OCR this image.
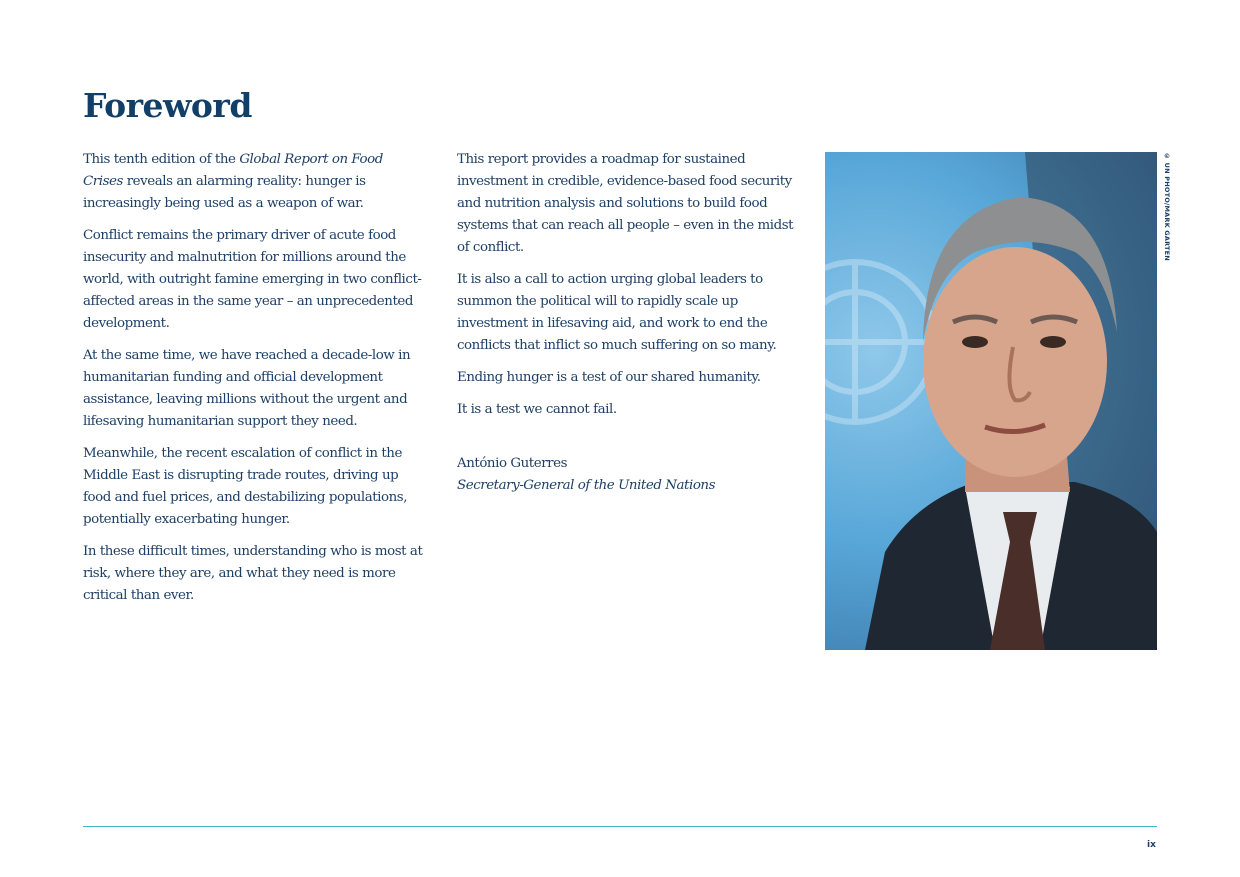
Foreword

This tenth edition of the Global Report on Food Crises reveals an alarming reality: hunger is increasingly being used as a weapon of war.

Conflict remains the primary driver of acute food insecurity and malnutrition for millions around the world, with outright famine emerging in two conflict-affected areas in the same year – an unprecedented development.

At the same time, we have reached a decade-low in humanitarian funding and official development assistance, leaving millions without the urgent and lifesaving humanitarian support they need.

Meanwhile, the recent escalation of conflict in the Middle East is disrupting trade routes, driving up food and fuel prices, and destabilizing populations, potentially exacerbating hunger.

In these difficult times, understanding who is most at risk, where they are, and what they need is more critical than ever.

This report provides a roadmap for sustained investment in credible, evidence-based food security and nutrition analysis and solutions to build food systems that can reach all people – even in the midst of conflict.

It is also a call to action urging global leaders to summon the political will to rapidly scale up investment in lifesaving aid, and work to end the conflicts that inflict so much suffering on so many.

Ending hunger is a test of our shared humanity.

It is a test we cannot fail.

António Guterres

Secretary-General of the United Nations

© UN PHOTO/MARK GARTEN
ix
